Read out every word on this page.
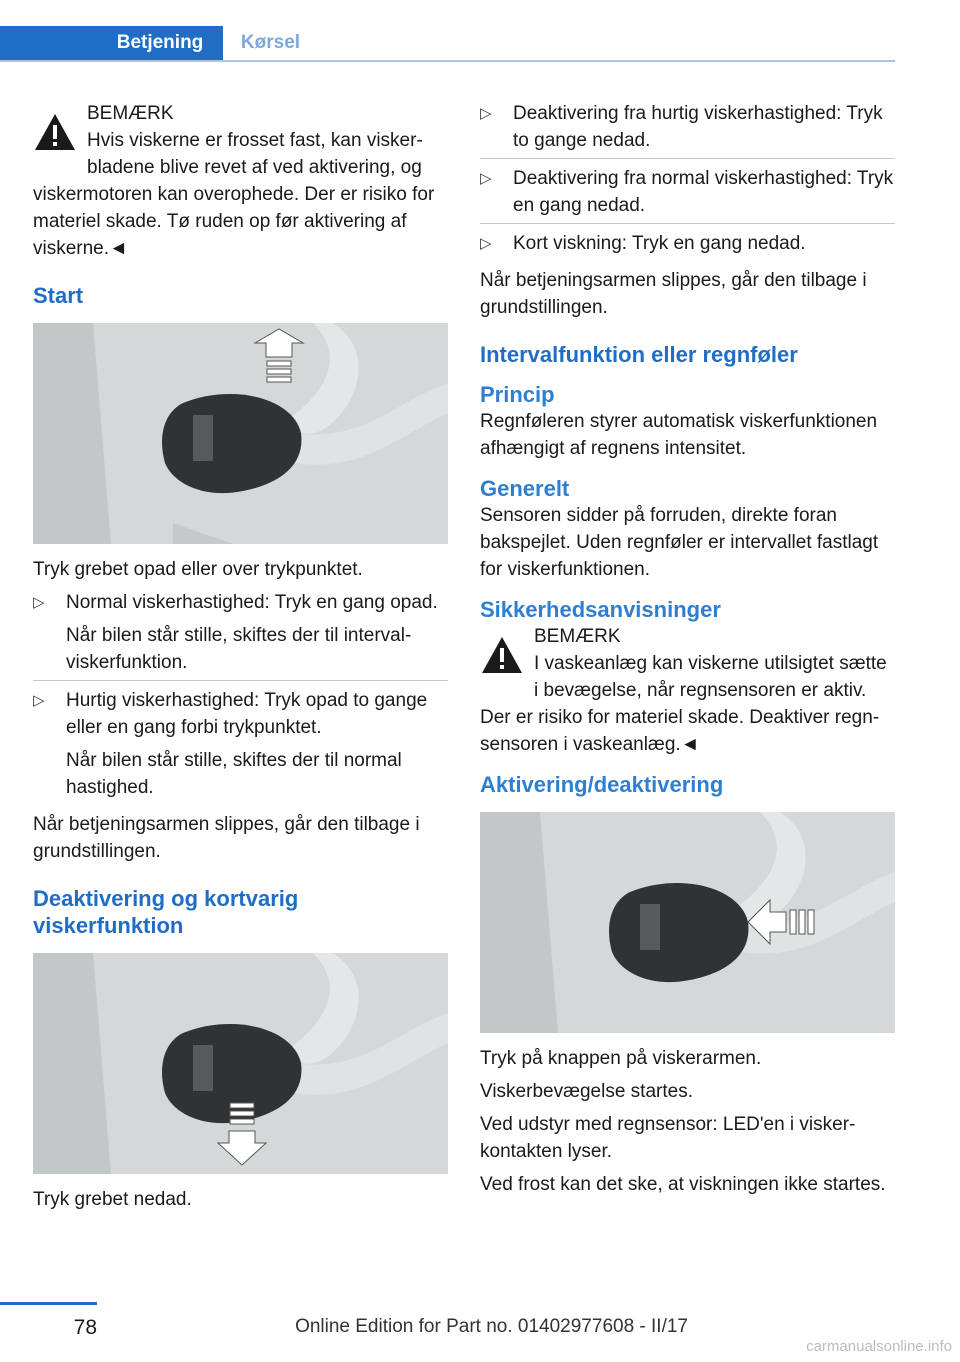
Betjening	Kørsel
BEMÆRK
Hvis viskerne er frosset fast, kan viskerbladene blive revet af ved aktivering, og viskermotoren kan overophede. Der er risiko for materiel skade. Tø ruden op før aktivering af viskerne.◄
Start

Tryk grebet opad eller over trykpunktet.

▷ Normal viskerhastighed: Tryk en gang opad.
Når bilen står stille, skiftes der til intervalviskerfunktion.
▷ Hurtig viskerhastighed: Tryk opad to gange eller en gang forbi trykpunktet.
Når bilen står stille, skiftes der til normal hastighed.

Når betjeningsarmen slippes, går den tilbage i grundstillingen.

Deaktivering og kortvarig viskerfunktion

Tryk grebet nedad.

▷ Deaktivering fra hurtig viskerhastighed: Tryk to gange nedad.
▷ Deaktivering fra normal viskerhastighed: Tryk en gang nedad.
▷ Kort viskning: Tryk en gang nedad.

Når betjeningsarmen slippes, går den tilbage i grundstillingen.

Intervalfunktion eller regnføler
Princip

Regnføleren styrer automatisk viskerfunktionen afhængigt af regnens intensitet.

Generelt

Sensoren sidder på forruden, direkte foran bakspejlet. Uden regnføler er intervallet fastlagt for viskerfunktionen.

Sikkerhedsanvisninger
BEMÆRK
I vaskeanlæg kan viskerne utilsigtet sætte i bevægelse, når regnsensoren er aktiv. Der er risiko for materiel skade. Deaktiver regnsensoren i vaskeanlæg.◄
Aktivering/deaktivering

Tryk på knappen på viskerarmen.

Viskerbevægelse startes.

Ved udstyr med regnsensor: LED'en i viskerkontakten lyser.

Ved frost kan det ske, at viskningen ikke startes.

78	Online Edition for Part no. 01402977608 - II/17
carmanualsonline.info
